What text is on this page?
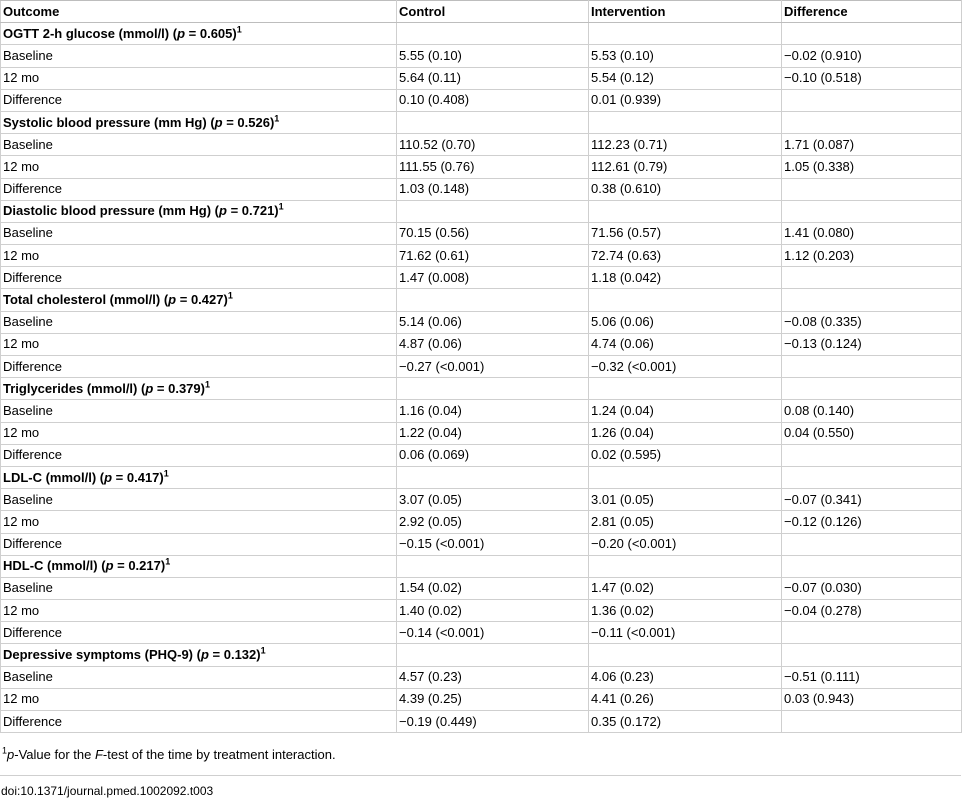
Outcome	Control	Intervention	Difference
OGTT 2-h glucose (mmol/l) (p = 0.605)$^1$			
Baseline	5.55 (0.10)	5.53 (0.10)	−0.02 (0.910)
12 mo	5.64 (0.11)	5.54 (0.12)	−0.10 (0.518)
Difference	0.10 (0.408)	0.01 (0.939)	
Systolic blood pressure (mm Hg) (p = 0.526)$^1$			
Baseline	110.52 (0.70)	112.23 (0.71)	1.71 (0.087)
12 mo	111.55 (0.76)	112.61 (0.79)	1.05 (0.338)
Difference	1.03 (0.148)	0.38 (0.610)	
Diastolic blood pressure (mm Hg) (p = 0.721)$^1$			
Baseline	70.15 (0.56)	71.56 (0.57)	1.41 (0.080)
12 mo	71.62 (0.61)	72.74 (0.63)	1.12 (0.203)
Difference	1.47 (0.008)	1.18 (0.042)	
Total cholesterol (mmol/l) (p = 0.427)$^1$			
Baseline	5.14 (0.06)	5.06 (0.06)	−0.08 (0.335)
12 mo	4.87 (0.06)	4.74 (0.06)	−0.13 (0.124)
Difference	−0.27 (<0.001)	−0.32 (<0.001)	
Triglycerides (mmol/l) (p = 0.379)$^1$			
Baseline	1.16 (0.04)	1.24 (0.04)	0.08 (0.140)
12 mo	1.22 (0.04)	1.26 (0.04)	0.04 (0.550)
Difference	0.06 (0.069)	0.02 (0.595)	
LDL-C (mmol/l) (p = 0.417)$^1$			
Baseline	3.07 (0.05)	3.01 (0.05)	−0.07 (0.341)
12 mo	2.92 (0.05)	2.81 (0.05)	−0.12 (0.126)
Difference	−0.15 (<0.001)	−0.20 (<0.001)	
HDL-C (mmol/l) (p = 0.217)$^1$			
Baseline	1.54 (0.02)	1.47 (0.02)	−0.07 (0.030)
12 mo	1.40 (0.02)	1.36 (0.02)	−0.04 (0.278)
Difference	−0.14 (<0.001)	−0.11 (<0.001)	
Depressive symptoms (PHQ-9) (p = 0.132)$^1$			
Baseline	4.57 (0.23)	4.06 (0.23)	−0.51 (0.111)
12 mo	4.39 (0.25)	4.41 (0.26)	0.03 (0.943)
Difference	−0.19 (0.449)	0.35 (0.172)	
$^1$p-Value for the F-test of the time by treatment interaction.
doi:10.1371/journal.pmed.1002092.t003
